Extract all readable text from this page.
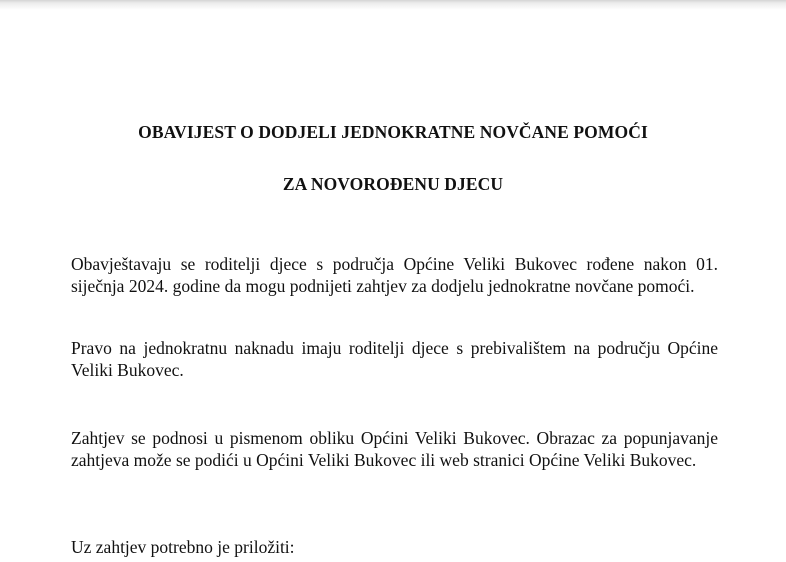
OBAVIJEST O DODJELI JEDNOKRATNE NOVČANE POMOĆI
ZA NOVOROĐENU DJECU

Obavještavaju se roditelji djece s područja Općine Veliki Bukovec rođene nakon 01. siječnja 2024. godine da mogu podnijeti zahtjev za dodjelu jednokratne novčane pomoći.

Pravo na jednokratnu naknadu imaju roditelji djece s prebivalištem na području Općine Veliki Bukovec.

Zahtjev se podnosi u pismenom obliku Općini Veliki Bukovec. Obrazac za popunjavanje zahtjeva može se podići u Općini Veliki Bukovec ili web stranici Općine Veliki Bukovec.

Uz zahtjev potrebno je priložiti:
